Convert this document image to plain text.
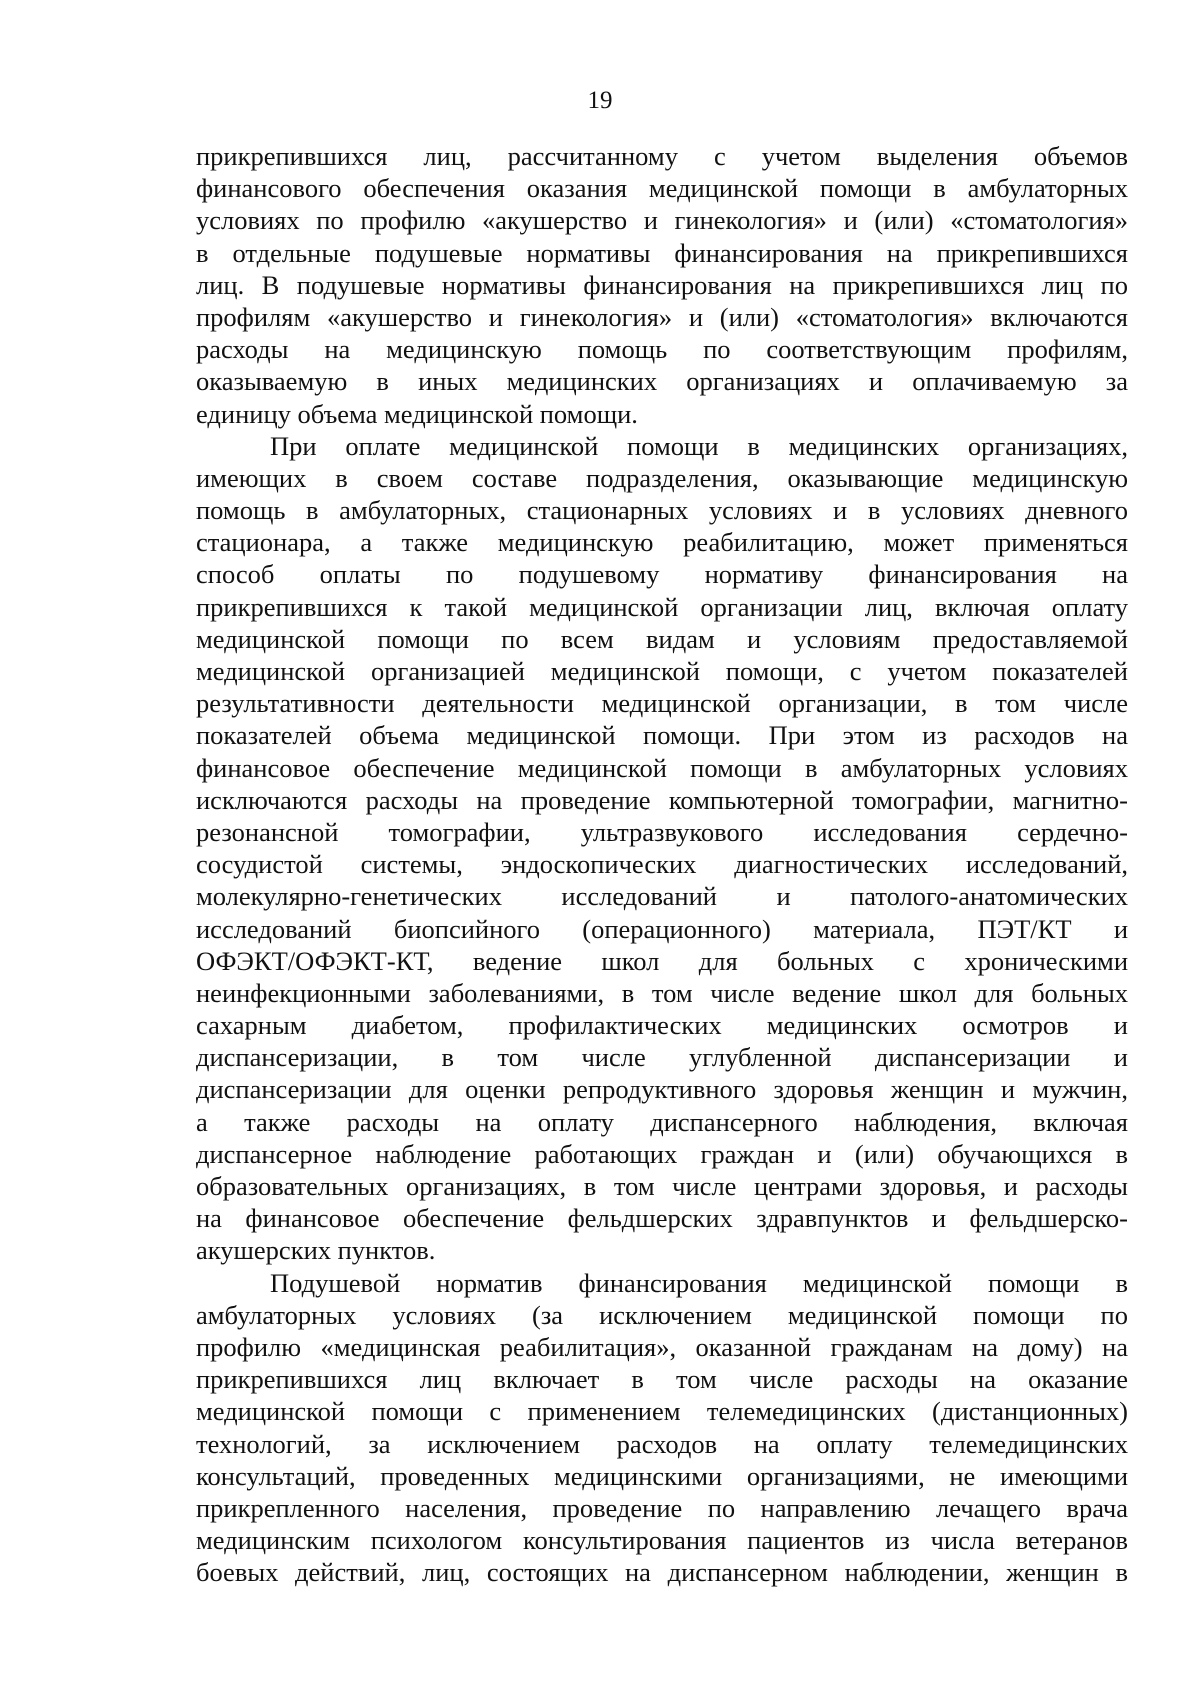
19
прикрепившихся лиц, рассчитанному с учетом выделения объемов
финансового обеспечения оказания медицинской помощи в амбулаторных
условиях по профилю «акушерство и гинекология» и (или) «стоматология»
в отдельные подушевые нормативы финансирования на прикрепившихся
лиц. В подушевые нормативы финансирования на прикрепившихся лиц по
профилям «акушерство и гинекология» и (или) «стоматология» включаются
расходы на медицинскую помощь по соответствующим профилям,
оказываемую в иных медицинских организациях и оплачиваемую за
единицу объема медицинской помощи.
При оплате медицинской помощи в медицинских организациях,
имеющих в своем составе подразделения, оказывающие медицинскую
помощь в амбулаторных, стационарных условиях и в условиях дневного
стационара, а также медицинскую реабилитацию, может применяться
способ оплаты по подушевому нормативу финансирования на
прикрепившихся к такой медицинской организации лиц, включая оплату
медицинской помощи по всем видам и условиям предоставляемой
медицинской организацией медицинской помощи, с учетом показателей
результативности деятельности медицинской организации, в том числе
показателей объема медицинской помощи. При этом из расходов на
финансовое обеспечение медицинской помощи в амбулаторных условиях
исключаются расходы на проведение компьютерной томографии, магнитно-
резонансной томографии, ультразвукового исследования сердечно-
сосудистой системы, эндоскопических диагностических исследований,
молекулярно-генетических исследований и патолого-анатомических
исследований биопсийного (операционного) материала, ПЭТ/КТ и
ОФЭКТ/ОФЭКТ-КТ, ведение школ для больных с хроническими
неинфекционными заболеваниями, в том числе ведение школ для больных
сахарным диабетом, профилактических медицинских осмотров и
диспансеризации, в том числе углубленной диспансеризации и
диспансеризации для оценки репродуктивного здоровья женщин и мужчин,
а также расходы на оплату диспансерного наблюдения, включая
диспансерное наблюдение работающих граждан и (или) обучающихся в
образовательных организациях, в том числе центрами здоровья, и расходы
на финансовое обеспечение фельдшерских здравпунктов и фельдшерско-
акушерских пунктов.
Подушевой норматив финансирования медицинской помощи в
амбулаторных условиях (за исключением медицинской помощи по
профилю «медицинская реабилитация», оказанной гражданам на дому) на
прикрепившихся лиц включает в том числе расходы на оказание
медицинской помощи с применением телемедицинских (дистанционных)
технологий, за исключением расходов на оплату телемедицинских
консультаций, проведенных медицинскими организациями, не имеющими
прикрепленного населения, проведение по направлению лечащего врача
медицинским психологом консультирования пациентов из числа ветеранов
боевых действий, лиц, состоящих на диспансерном наблюдении, женщин в
